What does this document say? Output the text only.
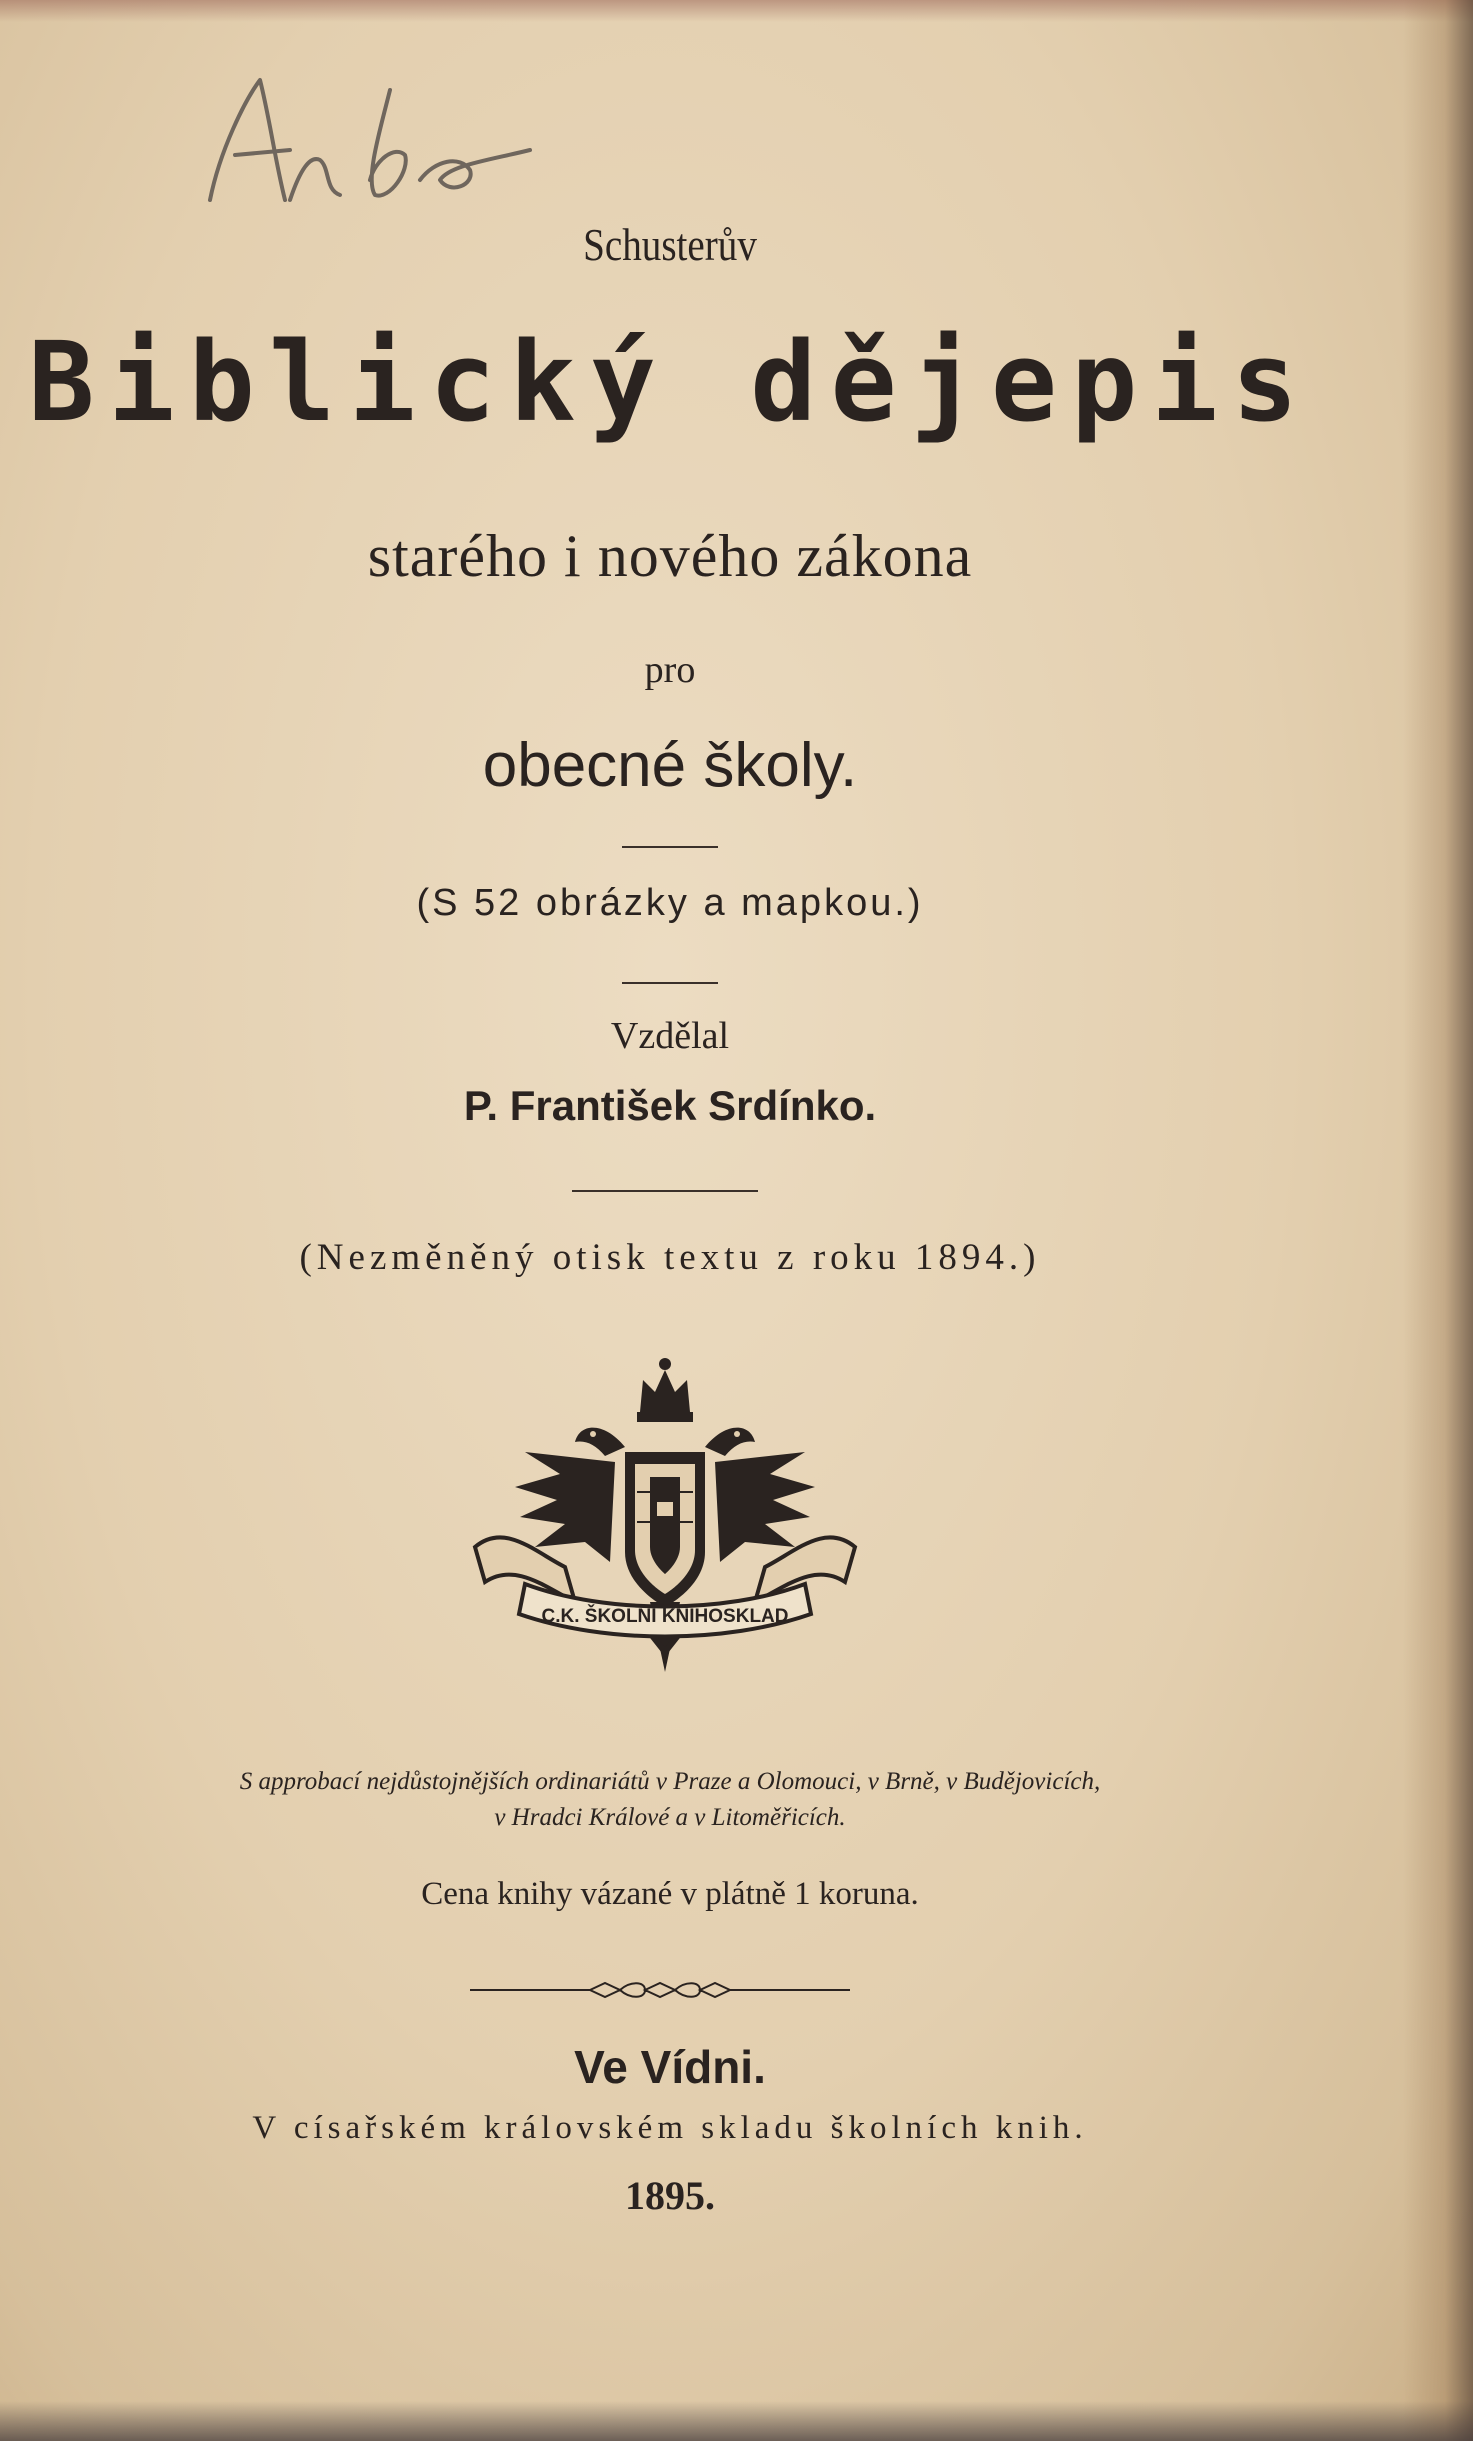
Schusterův
Biblický dějepis
starého i nového zákona
pro
obecné školy.
(S 52 obrázky a mapkou.)
Vzdělal
P. František Srdínko.
(Nezměněný otisk textu z roku 1894.)
C.K. ŠKOLNÍ KNIHOSKLAD
S approbací nejdůstojnějších ordinariátů v Praze a Olomouci, v Brně, v Budějovicích,
v Hradci Králové a v Litoměřicích.
Cena knihy vázané v plátně 1 koruna.
Ve Vídni.
V císařském královském skladu školních knih.
1895.
